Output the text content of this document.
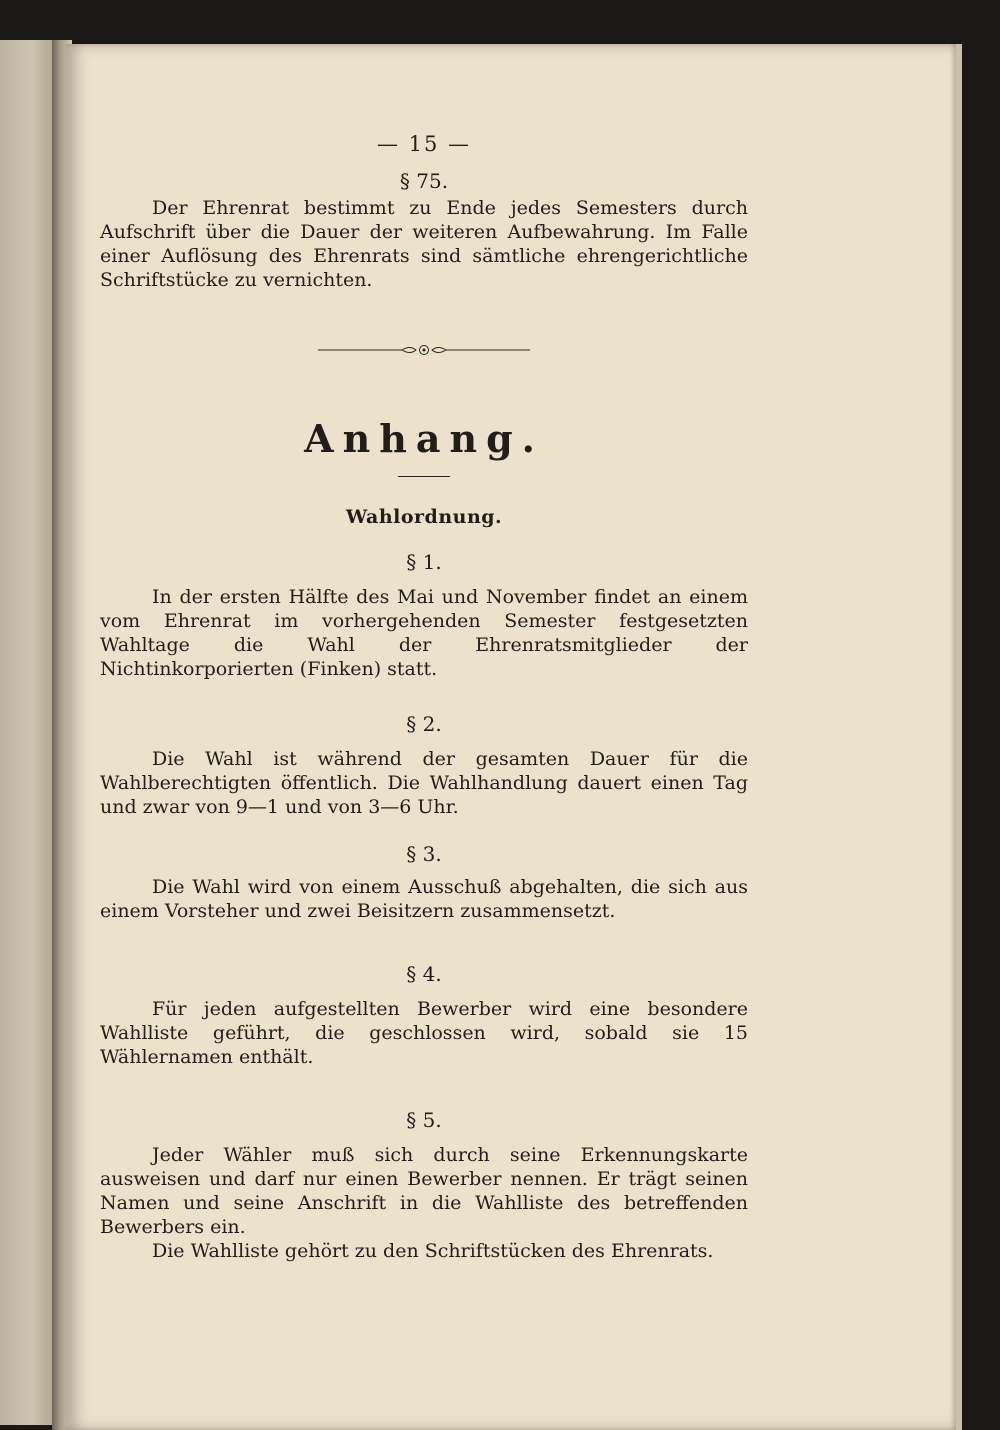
— 15 —
§ 75.

Der Ehrenrat bestimmt zu Ende jedes Semesters durch Aufschrift über die Dauer der weiteren Aufbewahrung. Im Falle einer Auflösung des Ehrenrats sind sämtliche ehrengerichtliche Schriftstücke zu vernichten.

Anhang.
Wahlordnung.
§ 1.

In der ersten Hälfte des Mai und November findet an einem vom Ehrenrat im vorhergehenden Semester festgesetzten Wahltage die Wahl der Ehrenratsmitglieder der Nichtinkorporierten (Finken) statt.

§ 2.

Die Wahl ist während der gesamten Dauer für die Wahlberechtigten öffentlich. Die Wahlhandlung dauert einen Tag und zwar von 9—1 und von 3—6 Uhr.

§ 3.

Die Wahl wird von einem Ausschuß abgehalten, die sich aus einem Vorsteher und zwei Beisitzern zusammensetzt.

§ 4.

Für jeden aufgestellten Bewerber wird eine besondere Wahlliste geführt, die geschlossen wird, sobald sie 15 Wählernamen enthält.

§ 5.

Jeder Wähler muß sich durch seine Erkennungskarte ausweisen und darf nur einen Bewerber nennen. Er trägt seinen Namen und seine Anschrift in die Wahlliste des betreffenden Bewerbers ein.

Die Wahlliste gehört zu den Schriftstücken des Ehrenrats.
